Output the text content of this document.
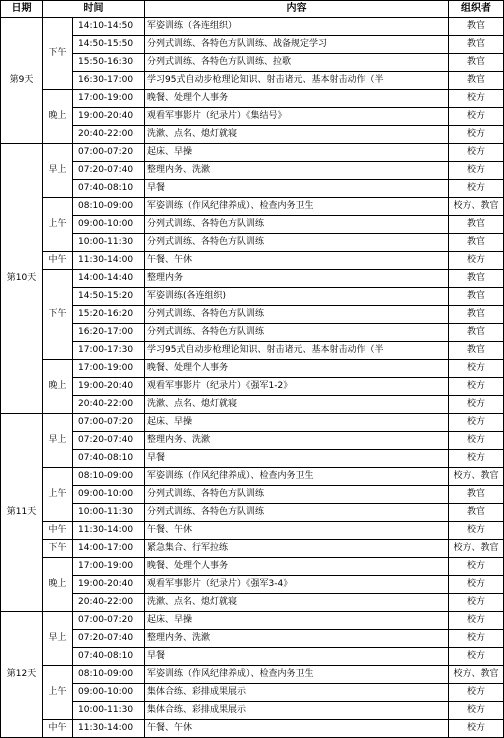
日期	时间		内容	组织者
第9天	下午	14:10-14:50	军姿训练（各连组织）	教官
		14:50-15:50	分列式训练、各特色方队训练、战备规定学习	教官
		15:50-16:30	分列式训练、各特色方队训练、拉歌	教官
		16:30-17:00	学习95式自动步枪理论知识、射击诸元、基本射击动作（半	教官
	晚上	17:00-19:00	晚餐、处理个人事务	校方
		19:00-20:40	观看军事影片（纪录片）《集结号》	校方
		20:40-22:00	洗漱、点名、熄灯就寝	校方
第10天	早上	07:00-07:20	起床、早操	校方
		07:20-07:40	整理内务、洗漱	校方
		07:40-08:10	早餐	校方
	上午	08:10-09:00	军姿训练（作风纪律养成）、检查内务卫生	校方、教官
		09:00-10:00	分列式训练、各特色方队训练	教官
		10:00-11:30	分列式训练、各特色方队训练	教官
	中午	11:30-14:00	午餐、午休	校方
	下午	14:00-14:40	整理内务	教官
		14:50-15:20	军姿训练(各连组织)	教官
		15:20-16:20	分列式训练、各特色方队训练	教官
		16:20-17:00	分列式训练、各特色方队训练	教官
		17:00-17:30	学习95式自动步枪理论知识、射击诸元、基本射击动作（半	教官
	晚上	17:00-19:00	晚餐、处理个人事务	校方
		19:00-20:40	观看军事影片（纪录片）《强军1-2》	校方
		20:40-22:00	洗漱、点名、熄灯就寝	校方
第11天	早上	07:00-07:20	起床、早操	校方
		07:20-07:40	整理内务、洗漱	校方
		07:40-08:10	早餐	校方
	上午	08:10-09:00	军姿训练（作风纪律养成）、检查内务卫生	校方、教官
		09:00-10:00	分列式训练、各特色方队训练	教官
		10:00-11:30	分列式训练、各特色方队训练	教官
	中午	11:30-14:00	午餐、午休	校方
	下午	14:00-17:00	紧急集合、行军拉练	校方、教官
	晚上	17:00-19:00	晚餐、处理个人事务	校方
		19:00-20:40	观看军事影片（纪录片）《强军3-4》	校方
		20:40-22:00	洗漱、点名、熄灯就寝	校方
第12天	早上	07:00-07:20	起床、早操	校方
		07:20-07:40	整理内务、洗漱	校方
		07:40-08:10	早餐	校方
	上午	08:10-09:00	军姿训练（作风纪律养成）、检查内务卫生	校方、教官
		09:00-10:00	集体合练、彩排成果展示	校方
		10:00-11:30	集体合练、彩排成果展示	校方
	中午	11:30-14:00	午餐、午休	校方
